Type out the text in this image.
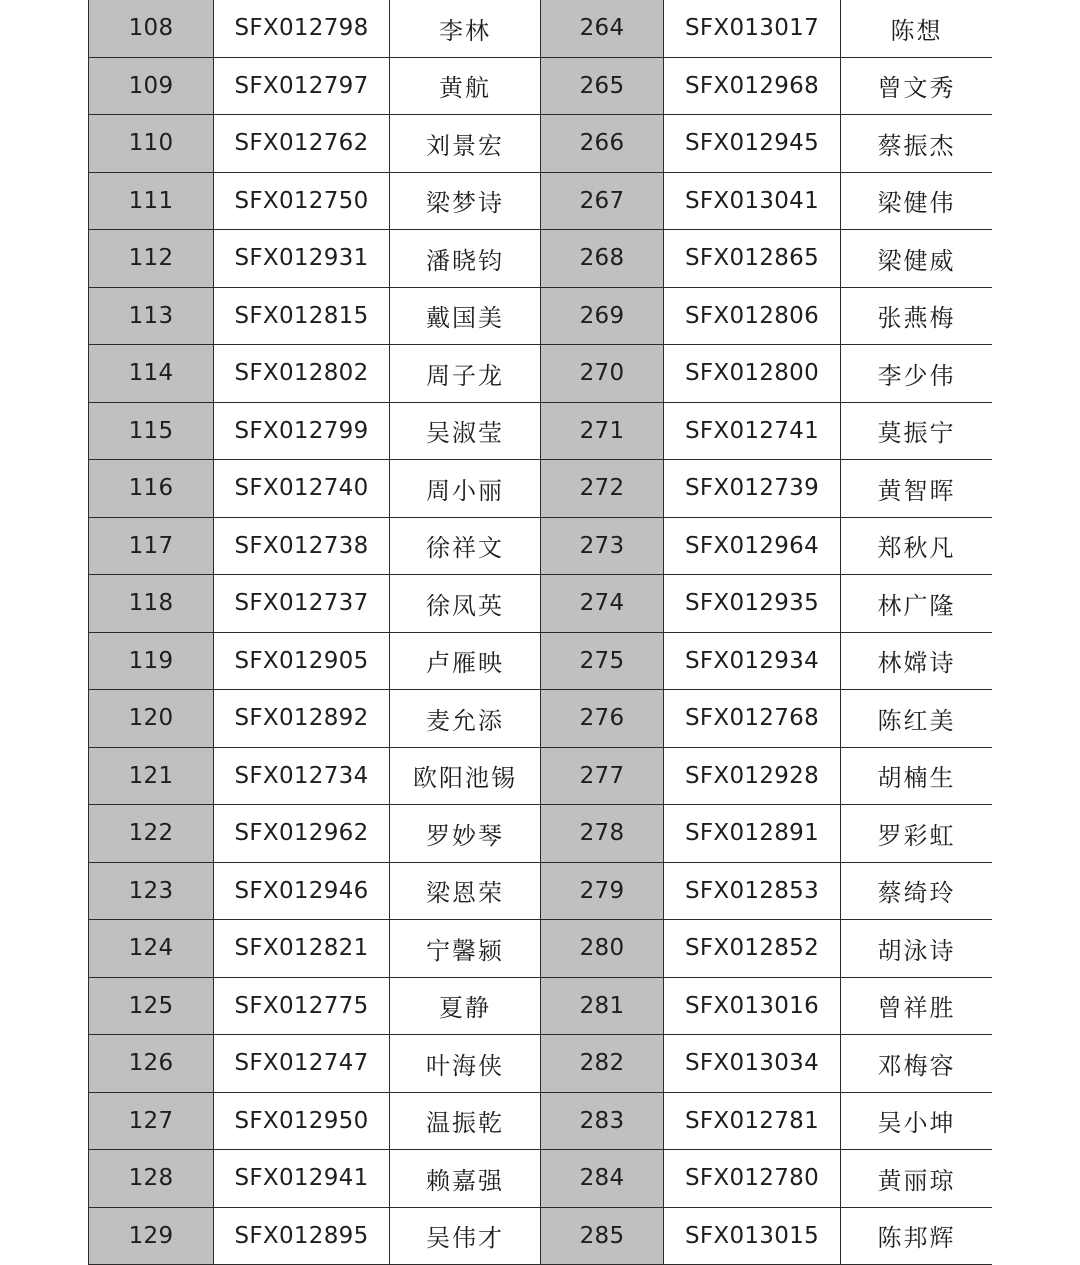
108	SFX012798	李林	264	SFX013017	陈想
109	SFX012797	黄航	265	SFX012968	曾文秀
110	SFX012762	刘景宏	266	SFX012945	蔡振杰
111	SFX012750	梁梦诗	267	SFX013041	梁健伟
112	SFX012931	潘晓钧	268	SFX012865	梁健威
113	SFX012815	戴国美	269	SFX012806	张燕梅
114	SFX012802	周子龙	270	SFX012800	李少伟
115	SFX012799	吴淑莹	271	SFX012741	莫振宁
116	SFX012740	周小丽	272	SFX012739	黄智晖
117	SFX012738	徐祥文	273	SFX012964	郑秋凡
118	SFX012737	徐凤英	274	SFX012935	林广隆
119	SFX012905	卢雁映	275	SFX012934	林嫦诗
120	SFX012892	麦允添	276	SFX012768	陈红美
121	SFX012734	欧阳池锡	277	SFX012928	胡楠生
122	SFX012962	罗妙琴	278	SFX012891	罗彩虹
123	SFX012946	梁恩荣	279	SFX012853	蔡绮玲
124	SFX012821	宁馨颍	280	SFX012852	胡泳诗
125	SFX012775	夏静	281	SFX013016	曾祥胜
126	SFX012747	叶海侠	282	SFX013034	邓梅容
127	SFX012950	温振乾	283	SFX012781	吴小坤
128	SFX012941	赖嘉强	284	SFX012780	黄丽琼
129	SFX012895	吴伟才	285	SFX013015	陈邦辉
